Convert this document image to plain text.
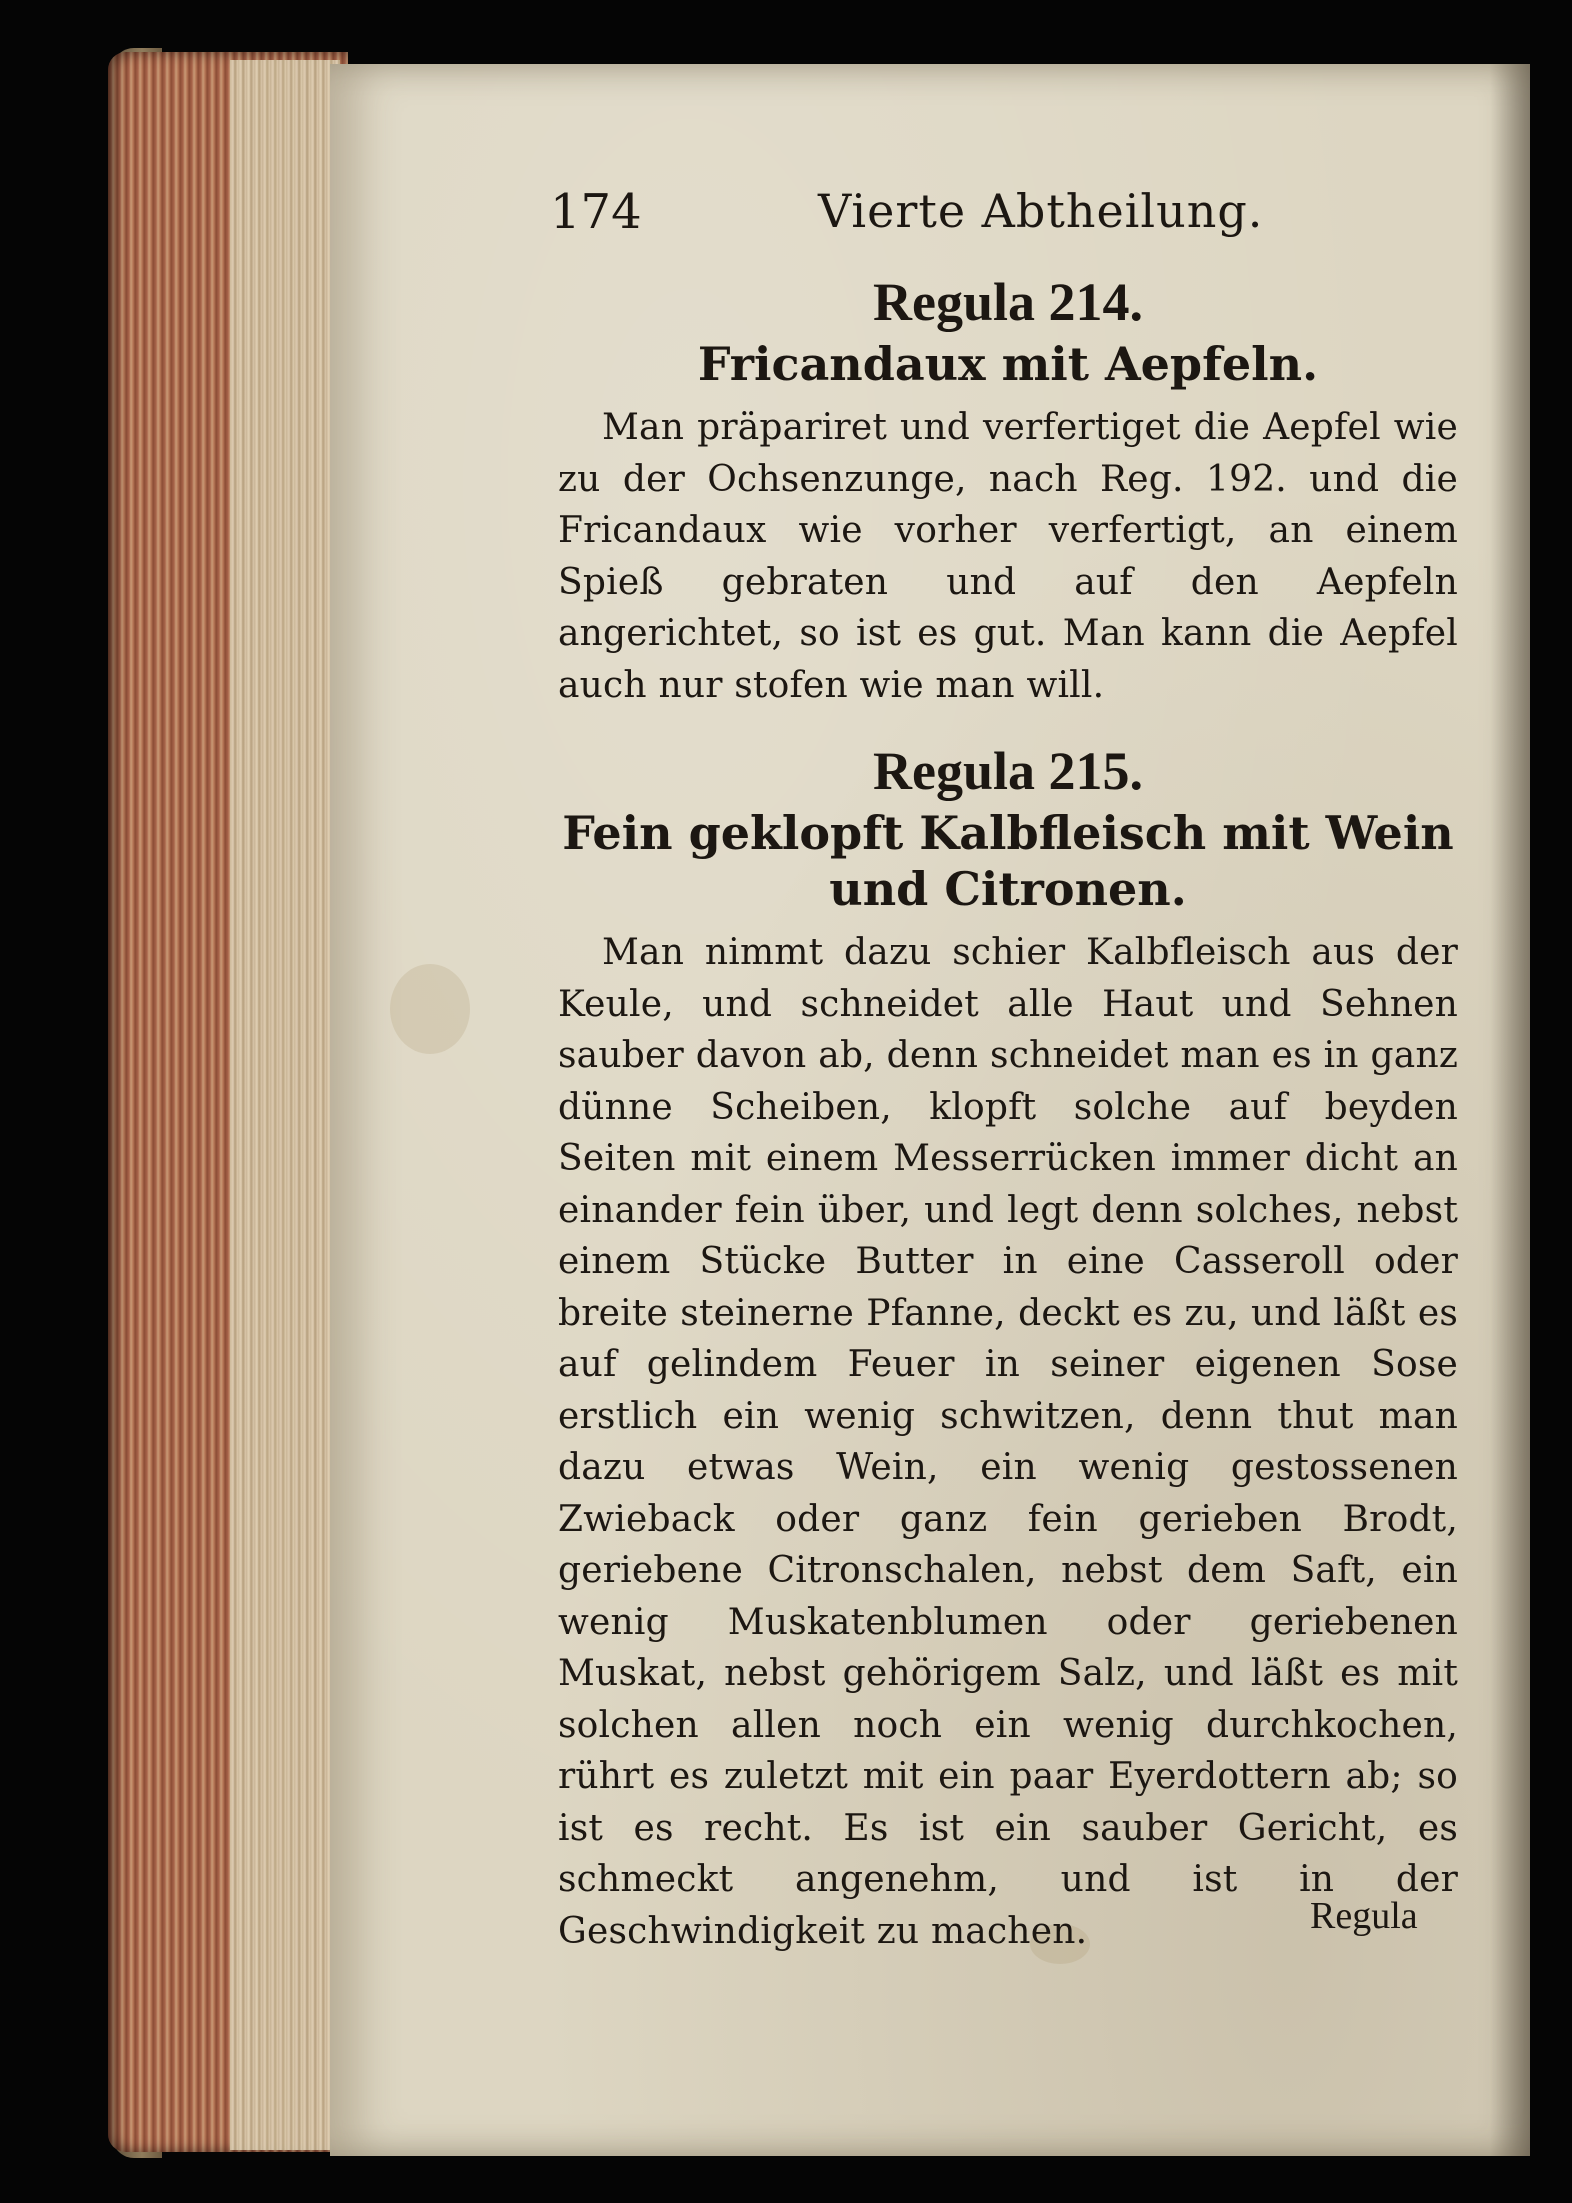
174	Vierte Abtheilung.
Regula 214.
Fricandaux mit Aepfeln.

Man präpariret und verfertiget die Aepfel wie zu der Ochsenzunge, nach Reg. 192. und die Fricandaux wie vorher verfertigt, an einem Spieß gebraten und auf den Aepfeln angerichtet, so ist es gut. Man kann die Aepfel auch nur stofen wie man will.

Regula 215.
Fein geklopft Kalbfleisch mit Wein und Citronen.

Man nimmt dazu schier Kalbfleisch aus der Keule, und schneidet alle Haut und Sehnen sauber davon ab, denn schneidet man es in ganz dünne Scheiben, klopft solche auf beyden Seiten mit einem Messerrücken immer dicht an einander fein über, und legt denn solches, nebst einem Stücke Butter in eine Casseroll oder breite steinerne Pfanne, deckt es zu, und läßt es auf gelindem Feuer in seiner eigenen Sose erstlich ein wenig schwitzen, denn thut man dazu etwas Wein, ein wenig gestossenen Zwieback oder ganz fein gerieben Brodt, geriebene Citronschalen, nebst dem Saft, ein wenig Muskatenblumen oder geriebenen Muskat, nebst gehörigem Salz, und läßt es mit solchen allen noch ein wenig durchkochen, rührt es zuletzt mit ein paar Eyerdottern ab; so ist es recht. Es ist ein sauber Gericht, es schmeckt angenehm, und ist in der Geschwindigkeit zu machen.	Regula
